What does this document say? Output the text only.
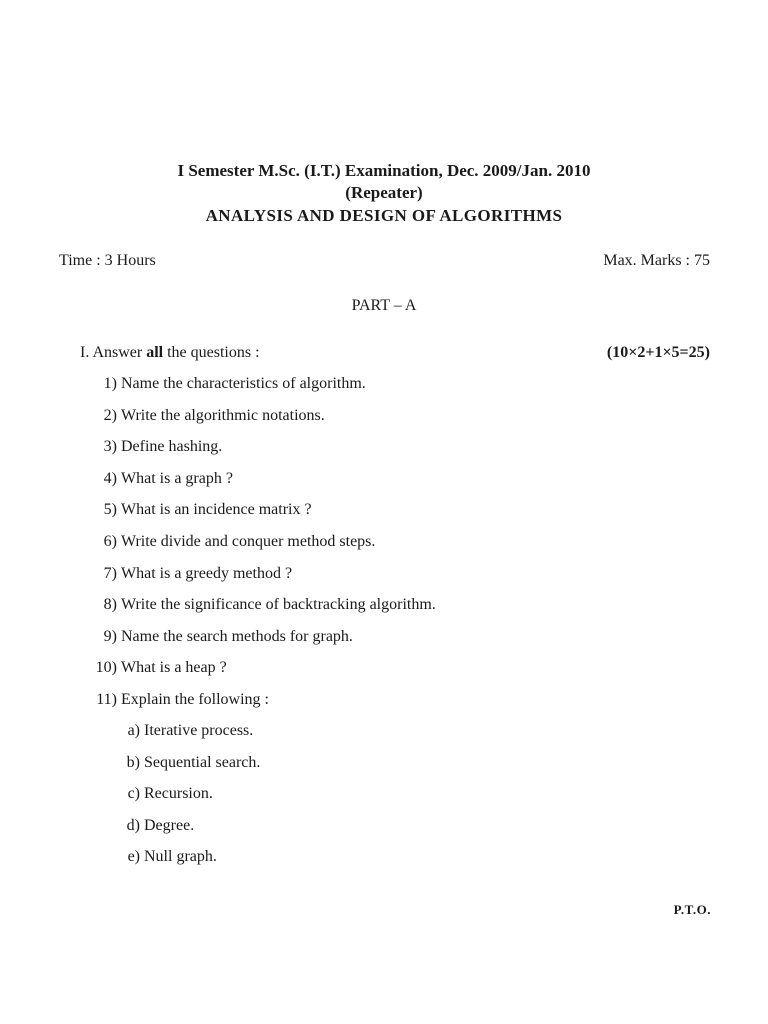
I Semester M.Sc. (I.T.) Examination, Dec. 2009/Jan. 2010
(Repeater)
ANALYSIS AND DESIGN OF ALGORITHMS
Time : 3 Hours	Max. Marks : 75
PART – A
I. Answer all the questions :	(10×2+1×5=25)
1) Name the characteristics of algorithm.
2) Write the algorithmic notations.
3) Define hashing.
4) What is a graph ?
5) What is an incidence matrix ?
6) Write divide and conquer method steps.
7) What is a greedy method ?
8) Write the significance of backtracking algorithm.
9) Name the search methods for graph.
10) What is a heap ?
11) Explain the following :
a) Iterative process.
b) Sequential search.
c) Recursion.
d) Degree.
e) Null graph.
P.T.O.
